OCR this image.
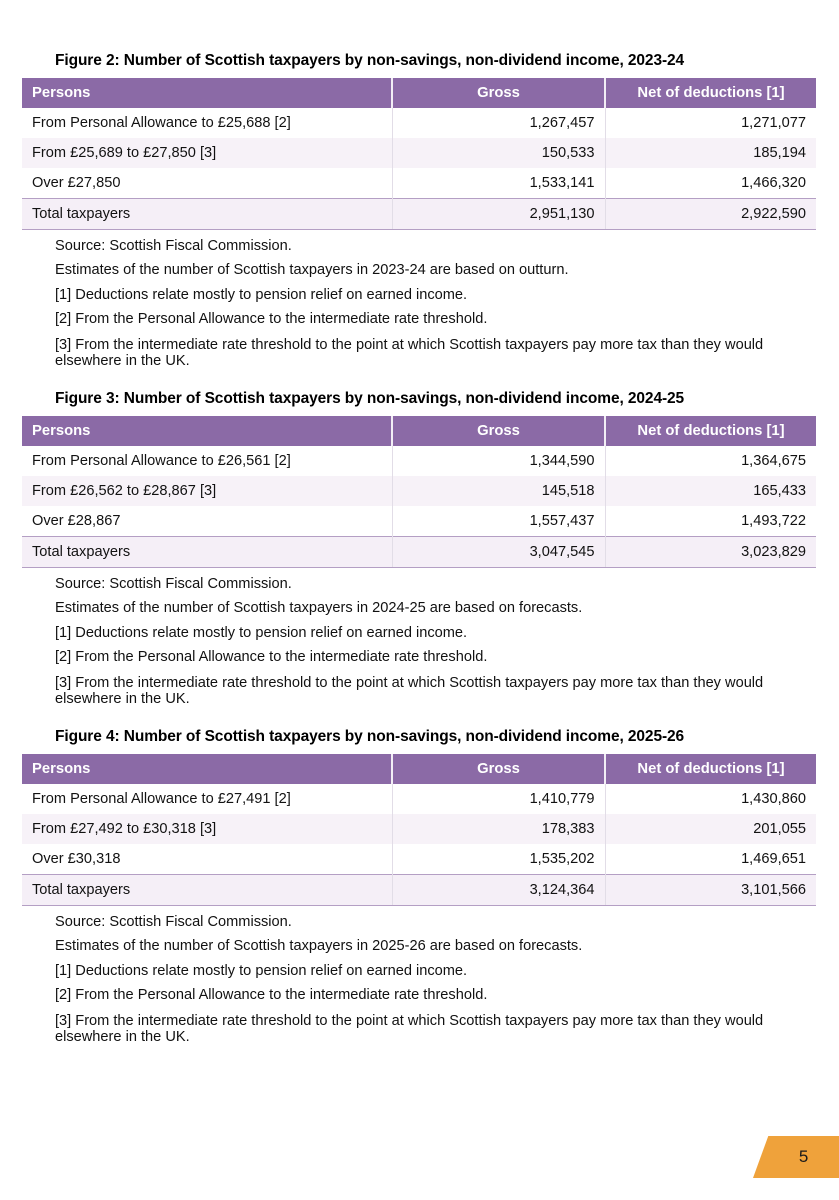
Figure 2: Number of Scottish taxpayers by non-savings, non-dividend income, 2023-24
Persons	Gross	Net of deductions [1]
From Personal Allowance to £25,688 [2]	1,267,457	1,271,077
From £25,689 to £27,850 [3]	150,533	185,194
Over £27,850	1,533,141	1,466,320
Total taxpayers	2,951,130	2,922,590

Source: Scottish Fiscal Commission.

Estimates of the number of Scottish taxpayers in 2023-24 are based on outturn.

[1] Deductions relate mostly to pension relief on earned income.

[2] From the Personal Allowance to the intermediate rate threshold.

[3] From the intermediate rate threshold to the point at which Scottish taxpayers pay more tax than they would elsewhere in the UK.

Figure 3: Number of Scottish taxpayers by non-savings, non-dividend income, 2024-25
Persons	Gross	Net of deductions [1]
From Personal Allowance to £26,561 [2]	1,344,590	1,364,675
From £26,562 to £28,867 [3]	145,518	165,433
Over £28,867	1,557,437	1,493,722
Total taxpayers	3,047,545	3,023,829

Source: Scottish Fiscal Commission.

Estimates of the number of Scottish taxpayers in 2024-25 are based on forecasts.

[1] Deductions relate mostly to pension relief on earned income.

[2] From the Personal Allowance to the intermediate rate threshold.

[3] From the intermediate rate threshold to the point at which Scottish taxpayers pay more tax than they would elsewhere in the UK.

Figure 4: Number of Scottish taxpayers by non-savings, non-dividend income, 2025-26
Persons	Gross	Net of deductions [1]
From Personal Allowance to £27,491 [2]	1,410,779	1,430,860
From £27,492 to £30,318 [3]	178,383	201,055
Over £30,318	1,535,202	1,469,651
Total taxpayers	3,124,364	3,101,566

Source: Scottish Fiscal Commission.

Estimates of the number of Scottish taxpayers in 2025-26 are based on forecasts.

[1] Deductions relate mostly to pension relief on earned income.

[2] From the Personal Allowance to the intermediate rate threshold.

[3] From the intermediate rate threshold to the point at which Scottish taxpayers pay more tax than they would elsewhere in the UK.

5
